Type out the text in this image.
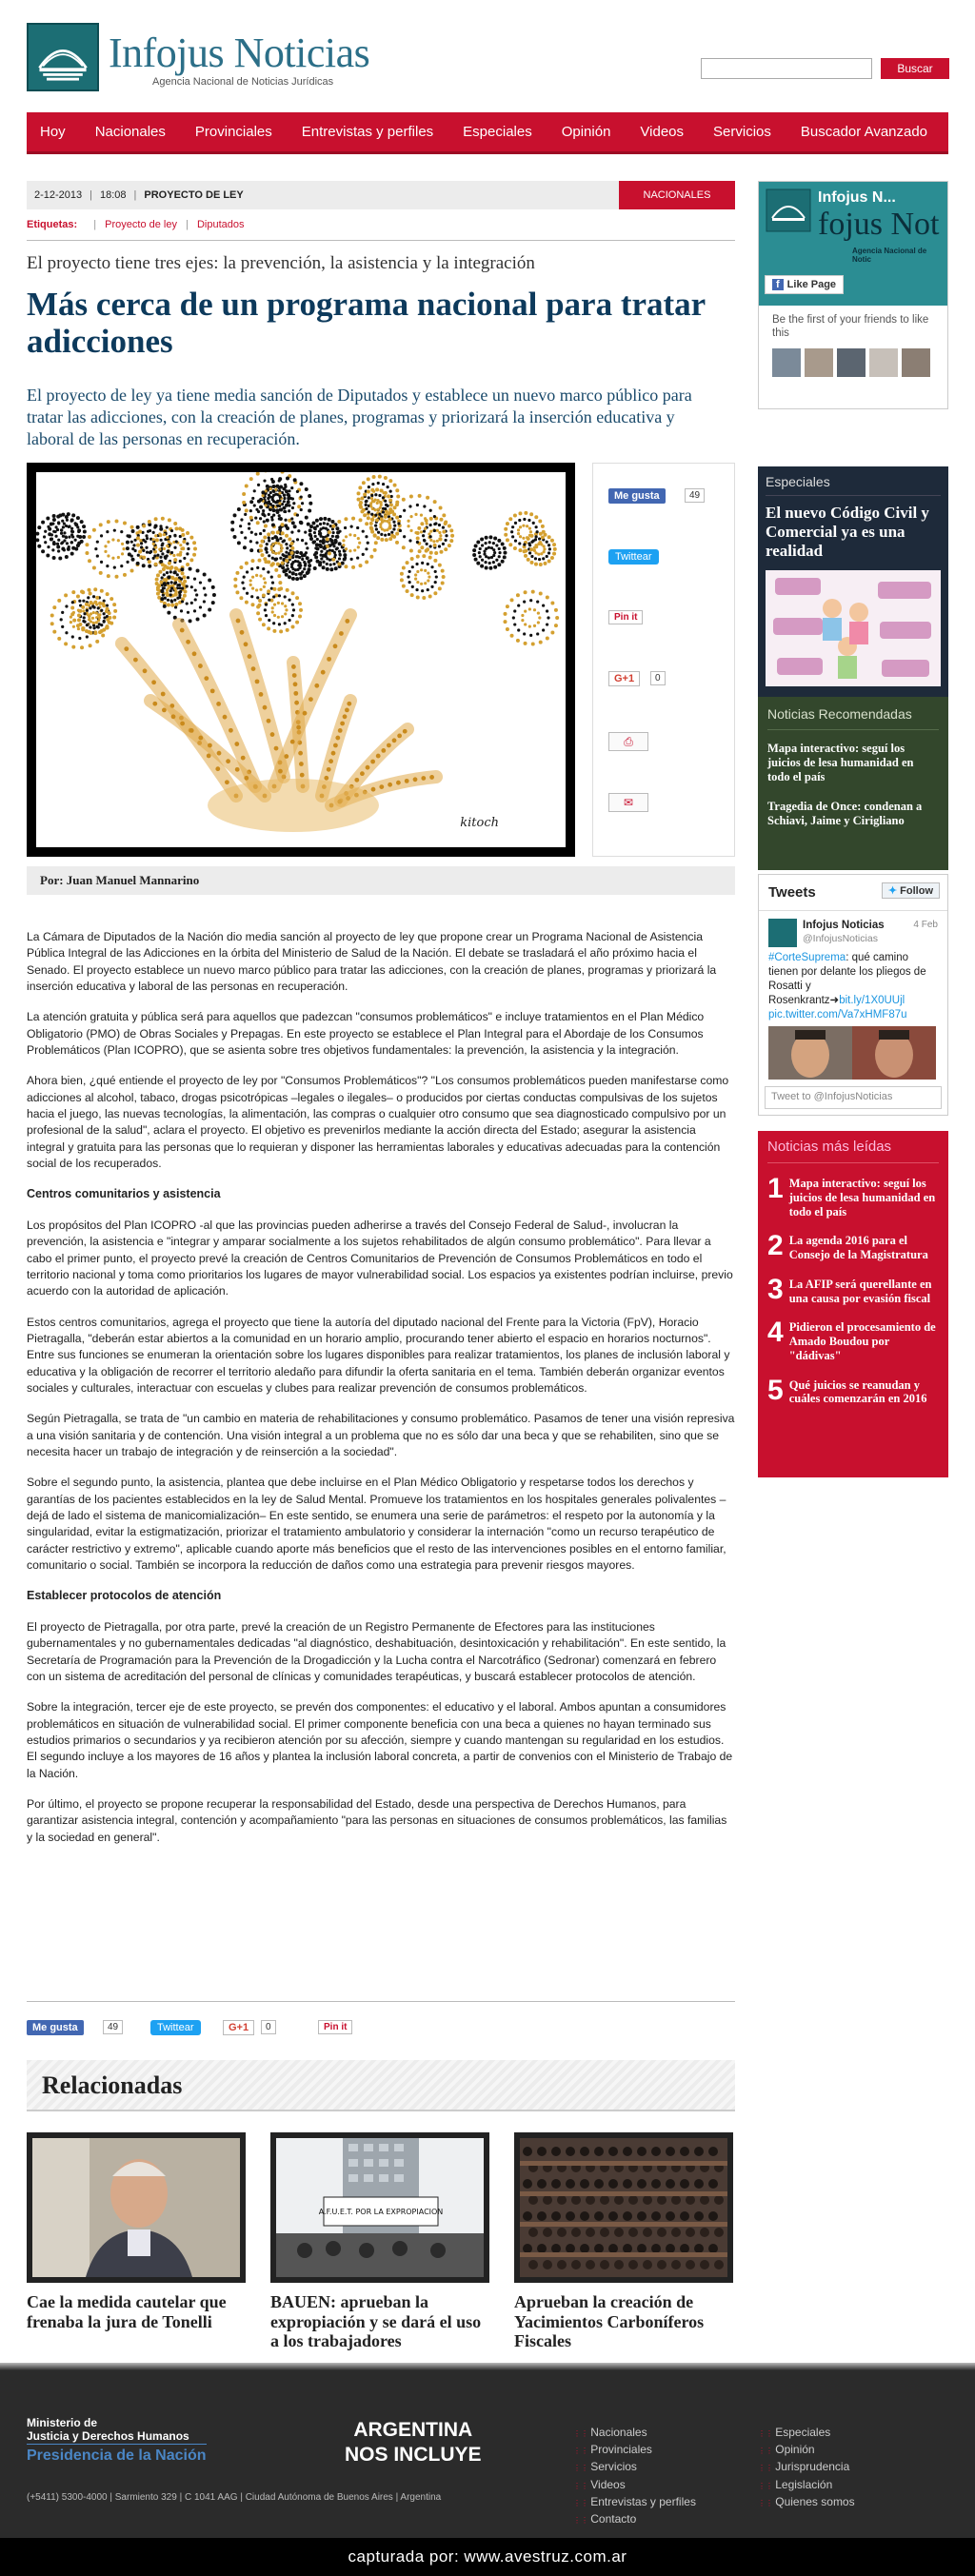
Infojus Noticias
Agencia Nacional de Noticias Jurídicas
Buscar
Hoy Nacionales Provinciales Entrevistas y perfiles Especiales Opinión Videos Servicios Buscador Avanzado
2-12-2013 | 18:08 | PROYECTO DE LEY	NACIONALES
Etiquetas: | Proyecto de ley | Diputados
El proyecto tiene tres ejes: la prevención, la asistencia y la integración
Más cerca de un programa nacional para tratar adicciones
El proyecto de ley ya tiene media sanción de Diputados y establece un nuevo marco público para tratar las adicciones, con la creación de planes, programas y priorizará la inserción educativa y laboral de las personas en recuperación.
kitoch
Me gusta	49
Twittear
Pin it
G+1	0
⎙
✉
Por: Juan Manuel Mannarino

La Cámara de Diputados de la Nación dio media sanción al proyecto de ley que propone crear un Programa Nacional de Asistencia Pública Integral de las Adicciones en la órbita del Ministerio de Salud de la Nación. El debate se trasladará el año próximo hacia el Senado. El proyecto establece un nuevo marco público para tratar las adicciones, con la creación de planes, programas y priorizará la inserción educativa y laboral de las personas en recuperación.

La atención gratuita y pública será para aquellos que padezcan "consumos problemáticos" e incluye tratamientos en el Plan Médico Obligatorio (PMO) de Obras Sociales y Prepagas. En este proyecto se establece el Plan Integral para el Abordaje de los Consumos Problemáticos (Plan ICOPRO), que se asienta sobre tres objetivos fundamentales: la prevención, la asistencia y la integración.

Ahora bien, ¿qué entiende el proyecto de ley por "Consumos Problemáticos"? "Los consumos problemáticos pueden manifestarse como adicciones al alcohol, tabaco, drogas psicotrópicas –legales o ilegales– o producidos por ciertas conductas compulsivas de los sujetos hacia el juego, las nuevas tecnologías, la alimentación, las compras o cualquier otro consumo que sea diagnosticado compulsivo por un profesional de la salud", aclara el proyecto. El objetivo es prevenirlos mediante la acción directa del Estado; asegurar la asistencia integral y gratuita para las personas que lo requieran y disponer las herramientas laborales y educativas adecuadas para la contención social de los recuperados.

Centros comunitarios y asistencia

Los propósitos del Plan ICOPRO -al que las provincias pueden adherirse a través del Consejo Federal de Salud-, involucran la prevención, la asistencia e "integrar y amparar socialmente a los sujetos rehabilitados de algún consumo problemático". Para llevar a cabo el primer punto, el proyecto prevé la creación de Centros Comunitarios de Prevención de Consumos Problemáticos en todo el territorio nacional y toma como prioritarios los lugares de mayor vulnerabilidad social. Los espacios ya existentes podrían incluirse, previo acuerdo con la autoridad de aplicación.

Estos centros comunitarios, agrega el proyecto que tiene la autoría del diputado nacional del Frente para la Victoria (FpV), Horacio Pietragalla, "deberán estar abiertos a la comunidad en un horario amplio, procurando tener abierto el espacio en horarios nocturnos". Entre sus funciones se enumeran la orientación sobre los lugares disponibles para realizar tratamientos, los planes de inclusión laboral y educativa y la obligación de recorrer el territorio aledaño para difundir la oferta sanitaria en el tema. También deberán organizar eventos sociales y culturales, interactuar con escuelas y clubes para realizar prevención de consumos problemáticos.

Según Pietragalla, se trata de "un cambio en materia de rehabilitaciones y consumo problemático. Pasamos de tener una visión represiva a una visión sanitaria y de contención. Una visión integral a un problema que no es sólo dar una beca y que se rehabiliten, sino que se necesita hacer un trabajo de integración y de reinserción a la sociedad".

Sobre el segundo punto, la asistencia, plantea que debe incluirse en el Plan Médico Obligatorio y respetarse todos los derechos y garantías de los pacientes establecidos en la ley de Salud Mental. Promueve los tratamientos en los hospitales generales polivalentes –dejá de lado el sistema de manicomialización– En este sentido, se enumera una serie de parámetros: el respeto por la autonomía y la singularidad, evitar la estigmatización, priorizar el tratamiento ambulatorio y considerar la internación "como un recurso terapéutico de carácter restrictivo y extremo", aplicable cuando aporte más beneficios que el resto de las intervenciones posibles en el entorno familiar, comunitario o social. También se incorpora la reducción de daños como una estrategia para prevenir riesgos mayores.

Establecer protocolos de atención

El proyecto de Pietragalla, por otra parte, prevé la creación de un Registro Permanente de Efectores para las instituciones gubernamentales y no gubernamentales dedicadas "al diagnóstico, deshabituación, desintoxicación y rehabilitación". En este sentido, la Secretaría de Programación para la Prevención de la Drogadicción y la Lucha contra el Narcotráfico (Sedronar) comenzará en febrero con un sistema de acreditación del personal de clínicas y comunidades terapéuticas, y buscará establecer protocolos de atención.

Sobre la integración, tercer eje de este proyecto, se prevén dos componentes: el educativo y el laboral. Ambos apuntan a consumidores problemáticos en situación de vulnerabilidad social. El primer componente beneficia con una beca a quienes no hayan terminado sus estudios primarios o secundarios y ya recibieron atención por su afección, siempre y cuando mantengan su regularidad en los estudios. El segundo incluye a los mayores de 16 años y plantea la inclusión laboral concreta, a partir de convenios con el Ministerio de Trabajo de la Nación.

Por último, el proyecto se propone recuperar la responsabilidad del Estado, desde una perspectiva de Derechos Humanos, para garantizar asistencia integral, contención y acompañamiento "para las personas en situaciones de consumos problemáticos, las familias y la sociedad en general".

Me gusta	49	Twittear	G+1	0	Pin it
Relacionadas
Cae la medida cautelar que frenaba la jura de Tonelli
A.F.U.E.T. POR LA EXPROPIACION
BAUEN: aprueban la expropiación y se dará el uso a los trabajadores
Aprueban la creación de Yacimientos Carboníferos Fiscales
Infojus N...
fojus Not
Agencia Nacional de Notic
f Like Page
Be the first of your friends to like this
Especiales
El nuevo Código Civil y Comercial ya es una realidad
Noticias Recomendadas
Mapa interactivo: seguí los juicios de lesa humanidad en todo el país
Tragedia de Once: condenan a Schiavi, Jaime y Cirigliano
Tweets	✦ Follow
Infojus Noticias	4 Feb
@InfojusNoticias
#CorteSuprema: qué camino tienen por delante los pliegos de Rosatti y Rosenkrantz➜bit.ly/1X0UUjl
pic.twitter.com/Va7xHMF87u
Tweet to @InfojusNoticias
Noticias más leídas
1 Mapa interactivo: seguí los juicios de lesa humanidad en todo el país
2 La agenda 2016 para el Consejo de la Magistratura
3 La AFIP será querellante en una causa por evasión fiscal
4 Pidieron el procesamiento de Amado Boudou por "dádivas"
5 Qué juicios se reanudan y cuáles comenzarán en 2016
Ministerio de
Justicia y Derechos Humanos
Presidencia de la Nación
(+5411) 5300-4000 | Sarmiento 329 | C 1041 AAG | Ciudad Autónoma de Buenos Aires | Argentina
ARGENTINA
NOS INCLUYE
⋮⋮ Nacionales
⋮⋮ Provinciales
⋮⋮ Servicios
⋮⋮ Videos
⋮⋮ Entrevistas y perfiles
⋮⋮ Contacto
⋮⋮ Especiales
⋮⋮ Opinión
⋮⋮ Jurisprudencia
⋮⋮ Legislación
⋮⋮ Quienes somos
capturada por: www.avestruz.com.ar
